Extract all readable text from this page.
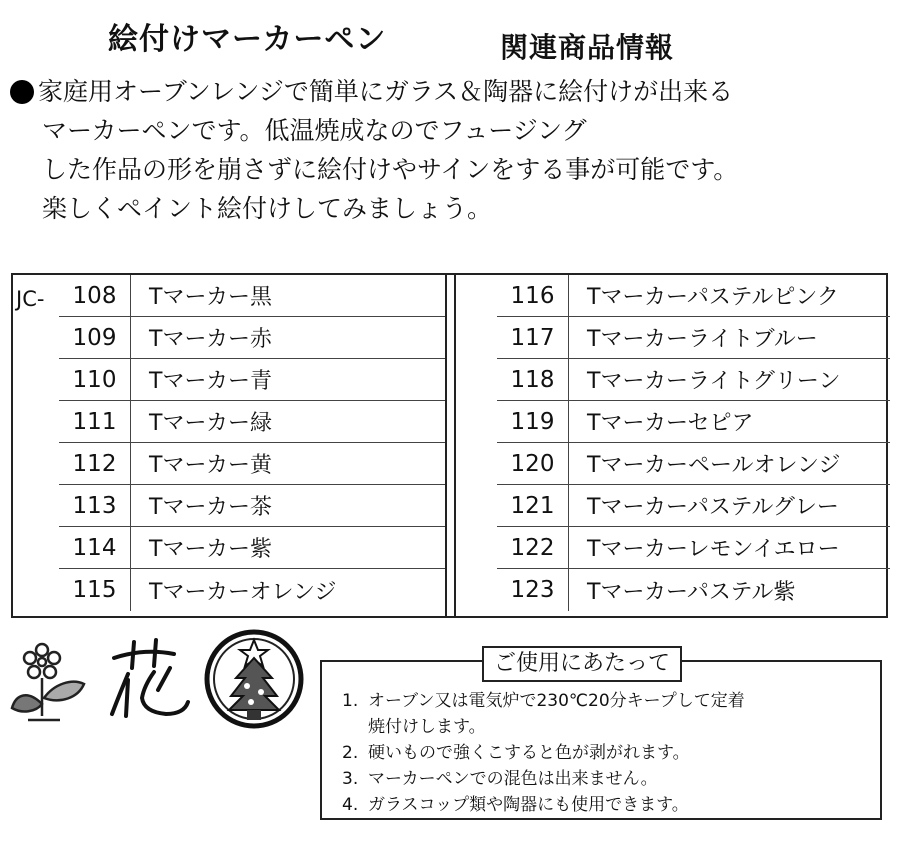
絵付けマーカーペン	関連商品情報
家庭用オーブンレンジで簡単にガラス＆陶器に絵付けが出来る
マーカーペンです。低温焼成なのでフュージング
した作品の形を崩さずに絵付けやサインをする事が可能です。
楽しくペイント絵付けしてみましょう。
JC-	108	Tマーカー黒
109	Tマーカー赤
110	Tマーカー青
111	Tマーカー緑
112	Tマーカー黄
113	Tマーカー茶
114	Tマーカー紫
115	Tマーカーオレンジ
116	Tマーカーパステルピンク
117	Tマーカーライトブルー
118	Tマーカーライトグリーン
119	Tマーカーセピア
120	Tマーカーペールオレンジ
121	Tマーカーパステルグレー
122	Tマーカーレモンイエロー
123	Tマーカーパステル紫
ご使用にあたって
1. オーブン又は電気炉で230℃20分キープして定着
焼付けします。
2. 硬いもので強くこすると色が剥がれます。
3. マーカーペンでの混色は出来ません。
4. ガラスコップ類や陶器にも使用できます。
